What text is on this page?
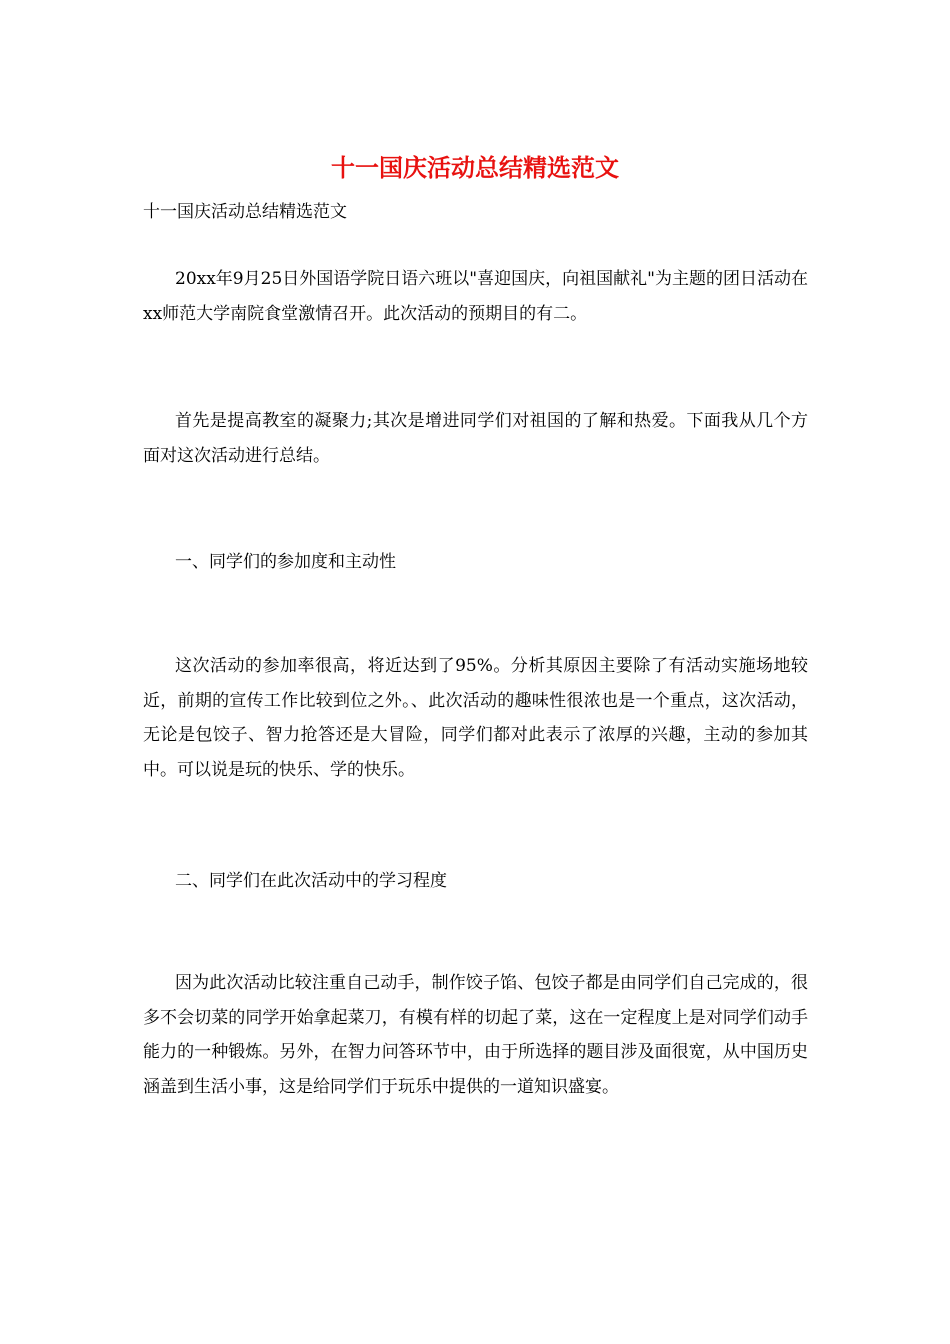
十一国庆活动总结精选范文

十一国庆活动总结精选范文

20xx年9月25日外国语学院日语六班以"喜迎国庆，向祖国献礼"为主题的团日活动在xx师范大学南院食堂激情召开。此次活动的预期目的有二。

首先是提高教室的凝聚力;其次是增进同学们对祖国的了解和热爱。下面我从几个方面对这次活动进行总结。

一、同学们的参加度和主动性

这次活动的参加率很高，将近达到了95%。分析其原因主要除了有活动实施场地较近，前期的宣传工作比较到位之外。、此次活动的趣味性很浓也是一个重点，这次活动，无论是包饺子、智力抢答还是大冒险，同学们都对此表示了浓厚的兴趣，主动的参加其中。可以说是玩的快乐、学的快乐。

二、同学们在此次活动中的学习程度

因为此次活动比较注重自己动手，制作饺子馅、包饺子都是由同学们自己完成的，很多不会切菜的同学开始拿起菜刀，有模有样的切起了菜，这在一定程度上是对同学们动手能力的一种锻炼。另外，在智力问答环节中，由于所选择的题目涉及面很宽，从中国历史涵盖到生活小事，这是给同学们于玩乐中提供的一道知识盛宴。
